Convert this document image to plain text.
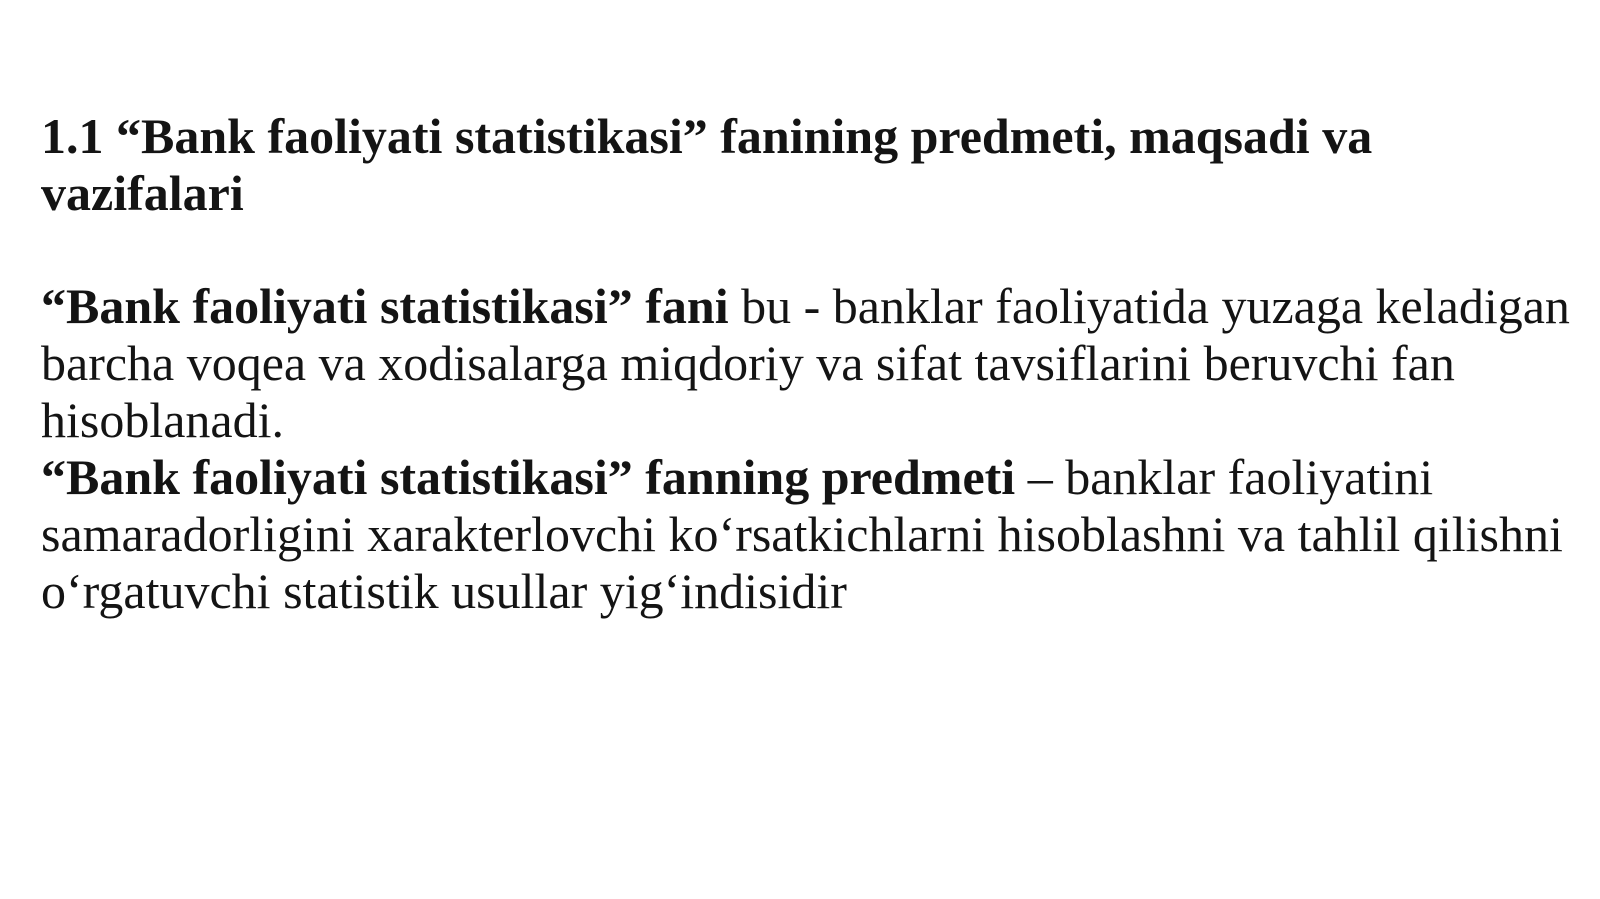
1.1 “Bank faoliyati statistikasi” fanining predmeti, maqsadi va vazifalari

“Bank faoliyati statistikasi” fani bu - banklar faoliyatida yuzaga keladigan barcha voqea va xodisalarga miqdoriy va sifat tavsiflarini beruvchi fan hisoblanadi.

“Bank faoliyati statistikasi” fanning predmeti – banklar faoliyatini samaradorligini xarakterlovchi ko‘rsatkichlarni hisoblashni va tahlil qilishni o‘rgatuvchi statistik usullar yig‘indisidir
